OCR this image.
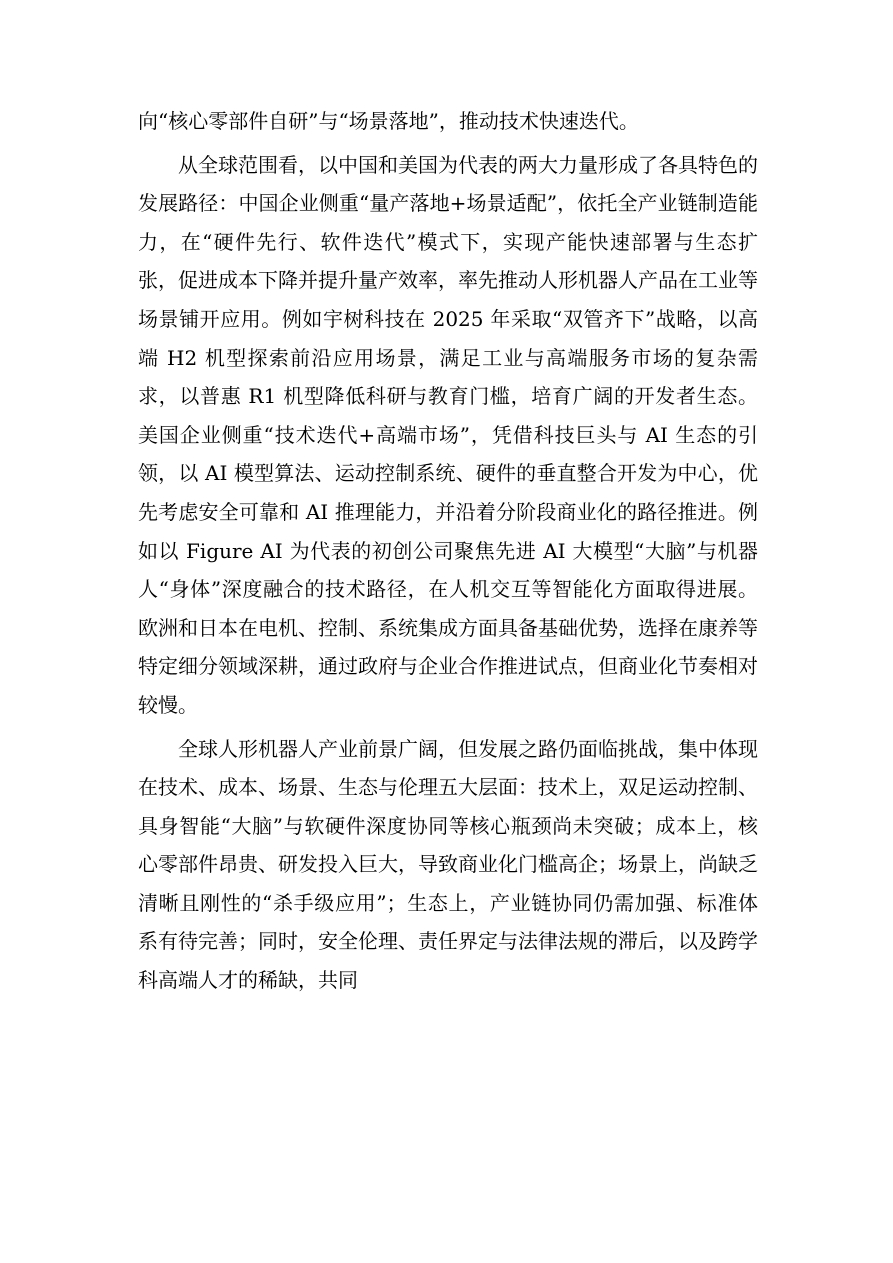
向“核心零部件自研”与“场景落地”，推动技术快速迭代。

从全球范围看，以中国和美国为代表的两大力量形成了各具特色的发展路径：中国企业侧重“量产落地+场景适配”，依托全产业链制造能力，在“硬件先行、软件迭代”模式下，实现产能快速部署与生态扩张，促进成本下降并提升量产效率，率先推动人形机器人产品在工业等场景铺开应用。例如宇树科技在 2025 年采取“双管齐下”战略，以高端 H2 机型探索前沿应用场景，满足工业与高端服务市场的复杂需求，以普惠 R1 机型降低科研与教育门槛，培育广阔的开发者生态。美国企业侧重“技术迭代+高端市场”，凭借科技巨头与 AI 生态的引领，以 AI 模型算法、运动控制系统、硬件的垂直整合开发为中心，优先考虑安全可靠和 AI 推理能力，并沿着分阶段商业化的路径推进。例如以 Figure AI 为代表的初创公司聚焦先进 AI 大模型“大脑”与机器人“身体”深度融合的技术路径，在人机交互等智能化方面取得进展。欧洲和日本在电机、控制、系统集成方面具备基础优势，选择在康养等特定细分领域深耕，通过政府与企业合作推进试点，但商业化节奏相对较慢。

全球人形机器人产业前景广阔，但发展之路仍面临挑战，集中体现在技术、成本、场景、生态与伦理五大层面：技术上，双足运动控制、具身智能“大脑”与软硬件深度协同等核心瓶颈尚未突破；成本上，核心零部件昂贵、研发投入巨大，导致商业化门槛高企；场景上，尚缺乏清晰且刚性的“杀手级应用”；生态上，产业链协同仍需加强、标准体系有待完善；同时，安全伦理、责任界定与法律法规的滞后，以及跨学科高端人才的稀缺，共同
